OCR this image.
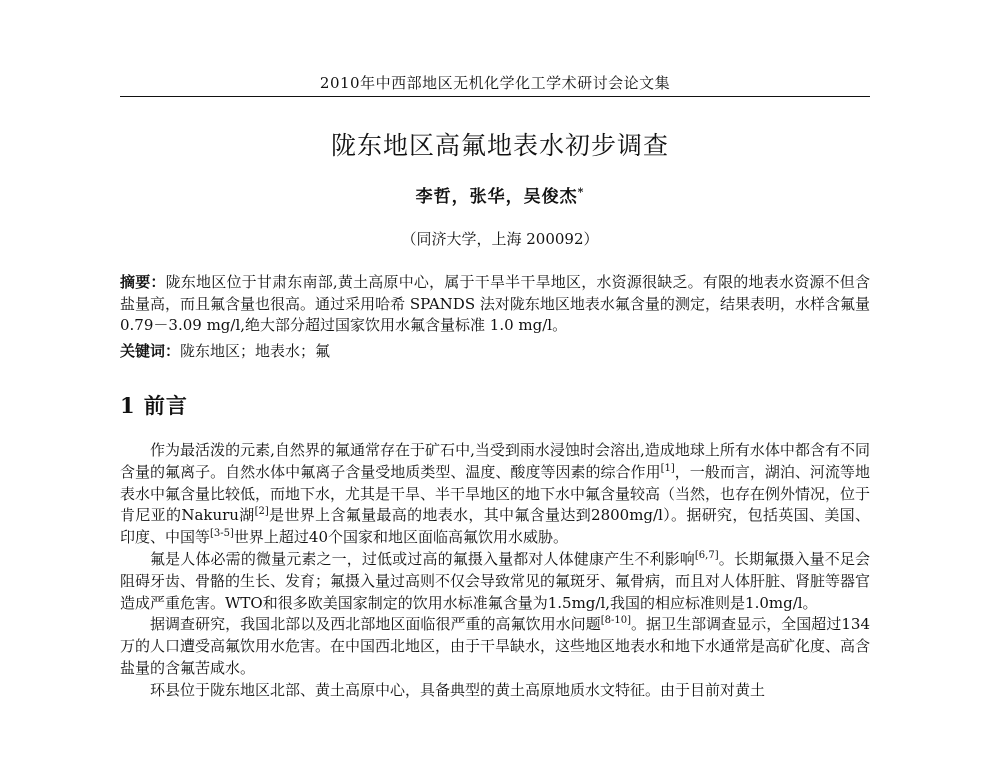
2010年中西部地区无机化学化工学术研讨会论文集
陇东地区高氟地表水初步调查
李哲，张华，吴俊杰*
（同济大学，上海 200092）
摘要：陇东地区位于甘肃东南部,黄土高原中心，属于干旱半干旱地区，水资源很缺乏。有限的地表水资源不但含盐量高，而且氟含量也很高。通过采用哈希 SPANDS 法对陇东地区地表水氟含量的测定，结果表明，水样含氟量 0.79－3.09 mg/l,绝大部分超过国家饮用水氟含量标准 1.0 mg/l。
关键词：陇东地区；地表水；氟
1 前言

作为最活泼的元素,自然界的氟通常存在于矿石中,当受到雨水浸蚀时会溶出,造成地球上所有水体中都含有不同含量的氟离子。自然水体中氟离子含量受地质类型、温度、酸度等因素的综合作用[1]，一般而言，湖泊、河流等地表水中氟含量比较低，而地下水，尤其是干旱、半干旱地区的地下水中氟含量较高（当然，也存在例外情况，位于肯尼亚的Nakuru湖[2]是世界上含氟量最高的地表水，其中氟含量达到2800mg/l）。据研究，包括英国、美国、印度、中国等[3-5]世界上超过40个国家和地区面临高氟饮用水威胁。

氟是人体必需的微量元素之一，过低或过高的氟摄入量都对人体健康产生不利影响[6,7]。长期氟摄入量不足会阻碍牙齿、骨骼的生长、发育；氟摄入量过高则不仅会导致常见的氟斑牙、氟骨病，而且对人体肝脏、肾脏等器官造成严重危害。WTO和很多欧美国家制定的饮用水标准氟含量为1.5mg/l,我国的相应标准则是1.0mg/l。

据调查研究，我国北部以及西北部地区面临很严重的高氟饮用水问题[8-10]。据卫生部调查显示，全国超过134万的人口遭受高氟饮用水危害。在中国西北地区，由于干旱缺水，这些地区地表水和地下水通常是高矿化度、高含盐量的含氟苦咸水。

环县位于陇东地区北部、黄土高原中心，具备典型的黄土高原地质水文特征。由于目前对黄土
